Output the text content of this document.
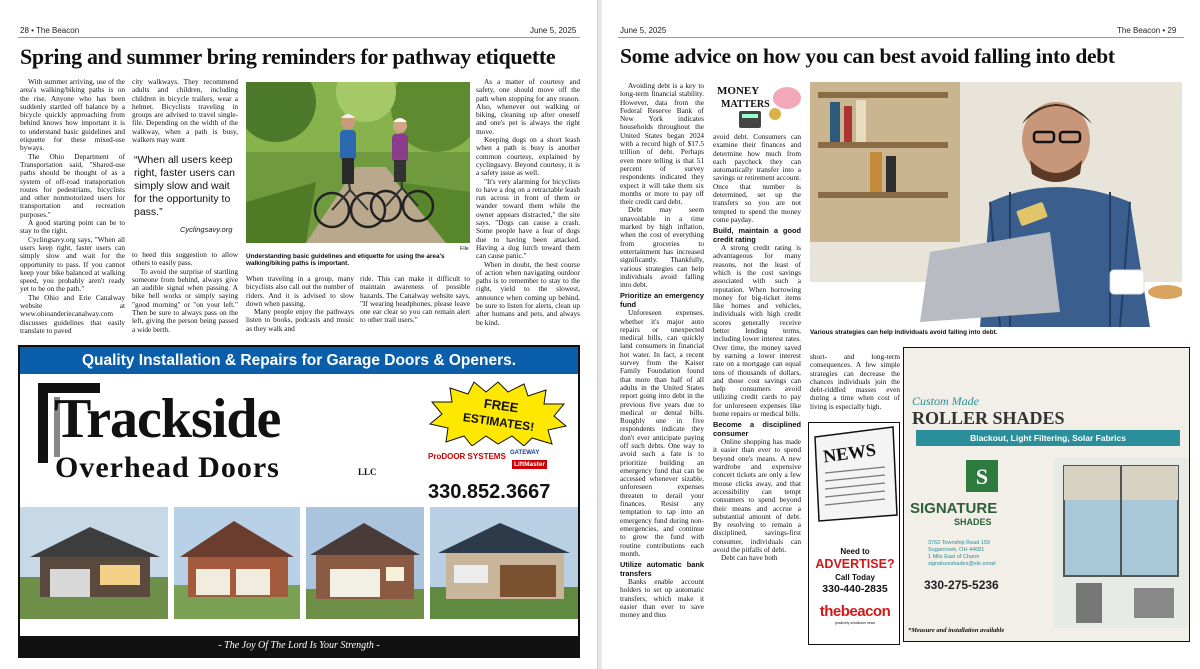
28 • The Beacon	June 5, 2025
Spring and summer bring reminders for pathway etiquette

With summer arriving, use of the area's walking/biking paths is on the rise. Anyone who has been suddenly startled off balance by a bicycle quickly approaching from behind knows how important it is to understand basic guidelines and etiquette for these mixed-use byways.

The Ohio Department of Transportation said, "Shared-use paths should be thought of as a system of off-road transportation routes for pedestrians, bicyclists and other nonmotorized users for transportation and recreation purposes."

A good starting point can be to stay to the right.

Cyclingsavy.org says, "When all users keep right, faster users can simply slow and wait for the opportunity to pass. If you cannot keep your bike balanced at walking speed, you probably aren't ready yet to be on the path."

The Ohio and Erie Canalway website at www.ohioanderiecanalway.com discusses guidelines that easily translate to paved

city walkways. They recommend adults and children, including children in bicycle trailers, wear a helmet. Bicyclists traveling in groups are advised to travel single-file. Depending on the width of the walkway, when a path is busy, walkers may want

“When all users keep right, faster users can simply slow and wait for the opportunity to pass.”
Cyclingsavy.org

to heed this suggestion to allow others to easily pass.

To avoid the surprise of startling someone from behind, always give an audible signal when passing. A bike bell works or simply saying "good morning" or "on your left." Then be sure to always pass on the left, giving the person being passed a wide berth.

File
Understanding basic guidelines and etiquette for using the area's walking/biking paths is important.

When traveling in a group, many bicyclists also call out the number of riders. And it is advised to slow down when passing.

Many people enjoy the pathways listen to books, podcasts and music as they walk and

ride. This can make it difficult to maintain awareness of possible hazards. The Canalway website says, "If wearing headphones, please leave one ear clear so you can remain alert to other trail users."

As a matter of courtesy and safety, one should move off the path when stopping for any reason. Also, whenever out walking or biking, cleaning up after oneself and one's pet is always the right move.

Keeping dogs on a short leash when a path is busy is another common courtesy, explained by cyclingsavy. Beyond courtesy, it is a safety issue as well.

"It's very alarming for bicyclists to have a dog on a retractable leash run across in front of them or wander toward them while the owner appears distracted," the site says. "Dogs can cause a crash. Some people have a fear of dogs due to having been attacked. Having a dog lurch toward them can cause panic."

When in doubt, the best course of action when navigating outdoor paths is to remember to stay to the right, yield to the slowest, announce when coming up behind, be sure to listen for alerts, clean up after humans and pets, and always be kind.

Quality Installation & Repairs for Garage Doors & Openers.
Trackside
Overhead Doors	LLC
FREE
ESTIMATES!
ProDOOR SYSTEMS GATEWAY
LiftMaster
330.852.3667
- The Joy Of The Lord Is Your Strength -
June 5, 2025	The Beacon • 29
Some advice on how you can best avoid falling into debt
MONEY
MATTERS

Avoiding debt is a key to long-term financial stability. However, data from the Federal Reserve Bank of New York indicates households throughout the United States began 2024 with a record high of $17.5 trillion of debt. Perhaps even more telling is that 51 percent of survey respondents indicated they expect it will take them six months or more to pay off their credit card debt.

Debt may seem unavoidable in a time marked by high inflation, when the cost of everything from groceries to entertainment has increased significantly. Thankfully, various strategies can help individuals avoid falling into debt.

Prioritize an emergency fund

Unforeseen expenses, whether it's major auto repairs or unexpected medical bills, can quickly land consumers in financial hot water. In fact, a recent survey from the Kaiser Family Foundation found that more than half of all adults in the United States report going into debt in the previous five years due to medical or dental bills. Roughly one in five respondents indicate they don't ever anticipate paying off such debts. One way to avoid such a fate is to prioritize building an emergency fund that can be accessed whenever sizable, unforeseen expenses threaten to derail your finances. Resist any temptation to tap into an emergency fund during non-emergencies, and continue to grow the fund with routine contributions each month.

Utilize automatic bank transfers

Banks enable account holders to set up automatic transfers, which make it easier than ever to save money and thus

avoid debt. Consumers can examine their finances and determine how much from each paycheck they can automatically transfer into a savings or retirement account. Once that number is determined, set up the transfers so you are not tempted to spend the money come payday.

Build, maintain a good credit rating

A strong credit rating is advantageous for many reasons, not the least of which is the cost savings associated with such a reputation. When borrowing money for big-ticket items like homes and vehicles, individuals with high credit scores generally receive better lending terms, including lower interest rates. Over time, the money saved by earning a lower interest rate on a mortgage can equal tens of thousands of dollars, and those cost savings can help consumers avoid utilizing credit cards to pay for unforeseen expenses like home repairs or medical bills.

Become a disciplined consumer

Online shopping has made it easier than ever to spend beyond one's means. A new wardrobe and expensive concert tickets are only a few mouse clicks away, and that accessibility can tempt consumers to spend beyond their means and accrue a substantial amount of debt. By resolving to remain a disciplined, savings-first consumer, individuals can avoid the pitfalls of debt.

Debt can have both

Various strategies can help individuals avoid falling into debt.

short- and long-term consequences. A few simple strategies can decrease the chances individuals join the debt-riddled masses even during a time when cost of living is especially high.

NEWS
Need to
ADVERTISE?
Call Today
330-440-2835
thebeacon
positively smalltown news
Custom Made
ROLLER SHADES
Blackout, Light Filtering, Solar Fabrics
S
SIGNATURE
SHADES
3762 Township Road 159
Sugarcreek, OH 44681
1 Mile East of Charm
signatureshades@xle.email
330-275-5236
*Measure and installation available
